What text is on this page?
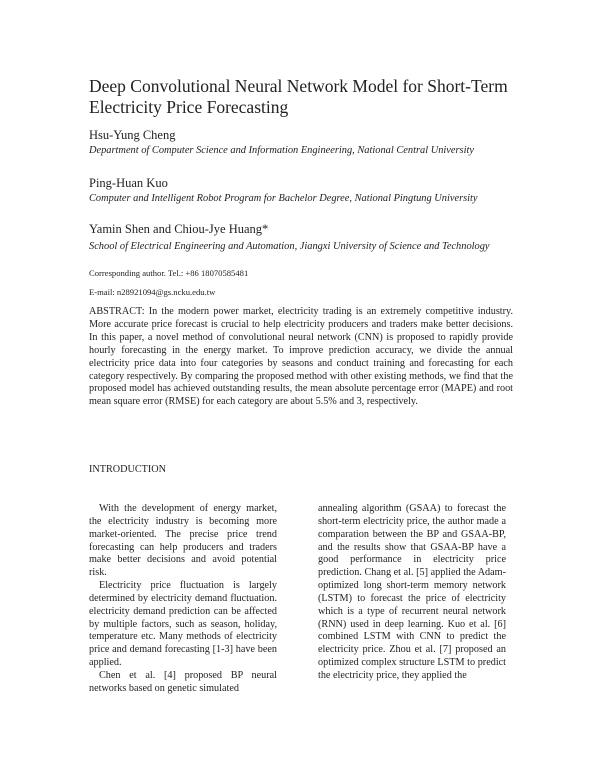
Deep Convolutional Neural Network Model for Short-Term Electricity Price Forecasting
Hsu-Yung Cheng
Department of Computer Science and Information Engineering, National Central University
Ping-Huan Kuo
Computer and Intelligent Robot Program for Bachelor Degree, National Pingtung University
Yamin Shen and Chiou-Jye Huang*
School of Electrical Engineering and Automation, Jiangxi University of Science and Technology
Corresponding author. Tel.: +86 18070585481
E-mail: n28921094@gs.ncku.edu.tw
ABSTRACT: In the modern power market, electricity trading is an extremely competitive industry. More accurate price forecast is crucial to help electricity producers and traders make better decisions. In this paper, a novel method of convolutional neural network (CNN) is proposed to rapidly provide hourly forecasting in the energy market. To improve prediction accuracy, we divide the annual electricity price data into four categories by seasons and conduct training and forecasting for each category respectively. By comparing the proposed method with other existing methods, we find that the proposed model has achieved outstanding results, the mean absolute percentage error (MAPE) and root mean square error (RMSE) for each category are about 5.5% and 3, respectively.
INTRODUCTION

With the development of energy market, the electricity industry is becoming more market-oriented. The precise price trend forecasting can help producers and traders make better decisions and avoid potential risk.

Electricity price fluctuation is largely determined by electricity demand fluctuation. electricity demand prediction can be affected by multiple factors, such as season, holiday, temperature etc. Many methods of electricity price and demand forecasting [1-3] have been applied.

Chen et al. [4] proposed BP neural networks based on genetic simulated

annealing algorithm (GSAA) to forecast the short-term electricity price, the author made a comparation between the BP and GSAA-BP, and the results show that GSAA-BP have a good performance in electricity price prediction. Chang et al. [5] applied the Adam-optimized long short-term memory network (LSTM) to forecast the price of electricity which is a type of recurrent neural network (RNN) used in deep learning. Kuo et al. [6] combined LSTM with CNN to predict the electricity price. Zhou et al. [7] proposed an optimized complex structure LSTM to predict the electricity price, they applied the
